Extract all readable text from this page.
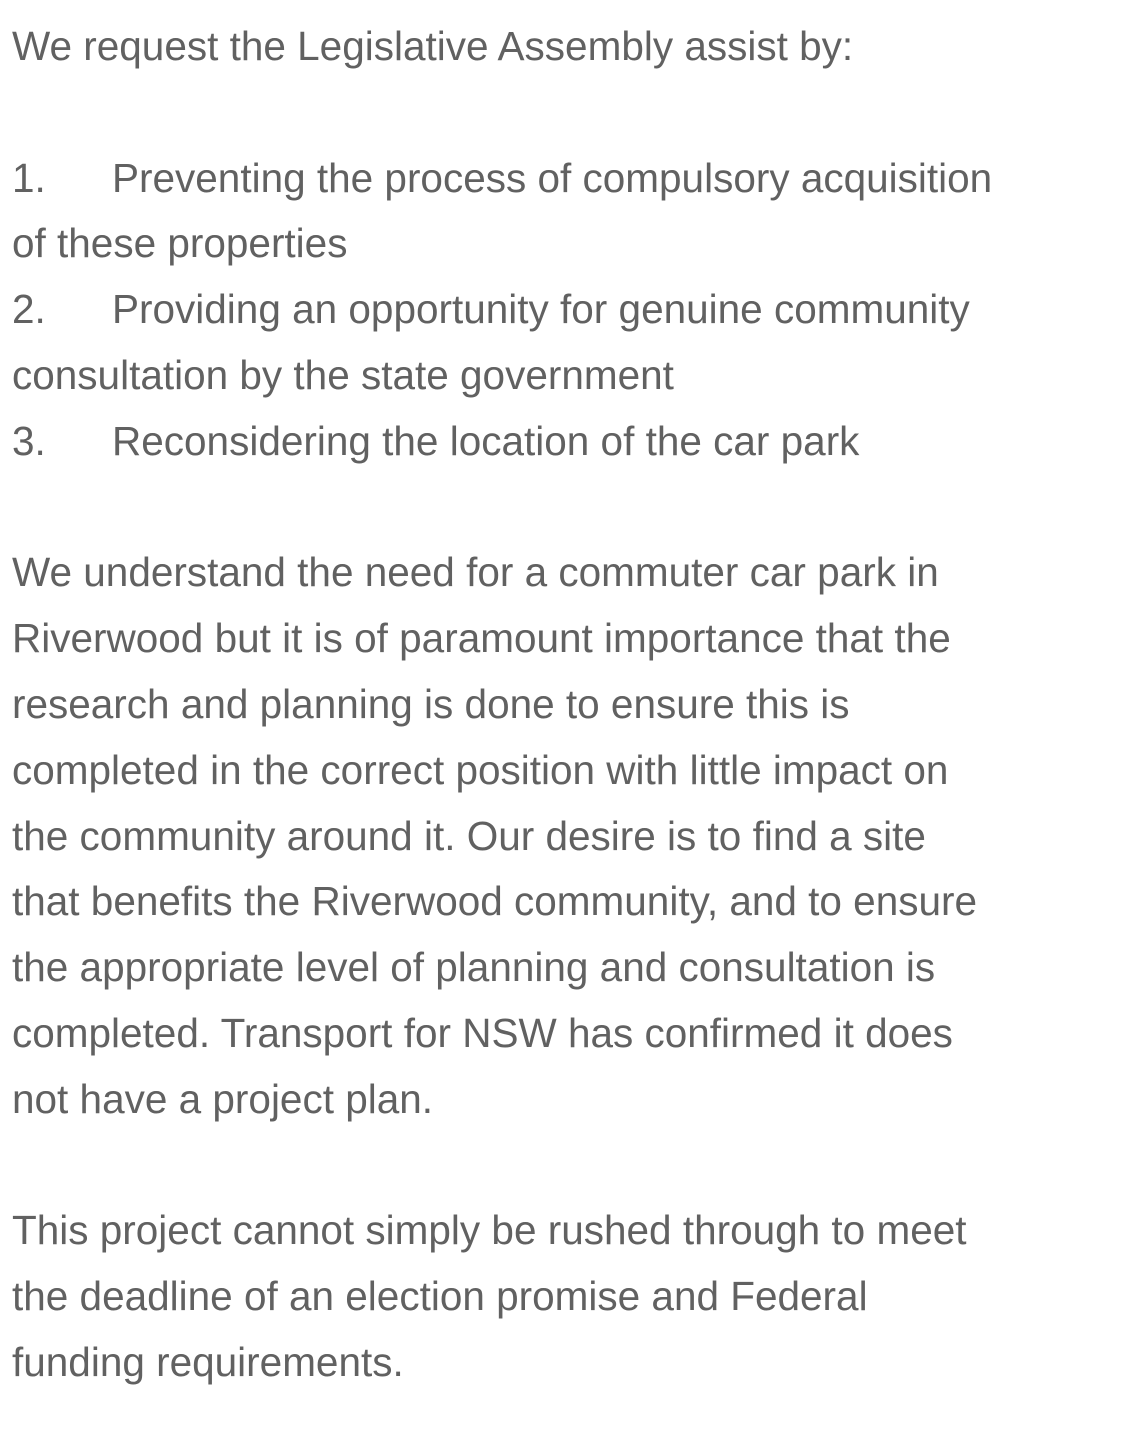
We request the Legislative Assembly assist by:
1. Preventing the process of compulsory acquisition
of these properties
2. Providing an opportunity for genuine community
consultation by the state government
3. Reconsidering the location of the car park
We understand the need for a commuter car park in
Riverwood but it is of paramount importance that the
research and planning is done to ensure this is
completed in the correct position with little impact on
the community around it. Our desire is to find a site
that benefits the Riverwood community, and to ensure
the appropriate level of planning and consultation is
completed. Transport for NSW has confirmed it does
not have a project plan.
This project cannot simply be rushed through to meet
the deadline of an election promise and Federal
funding requirements.
